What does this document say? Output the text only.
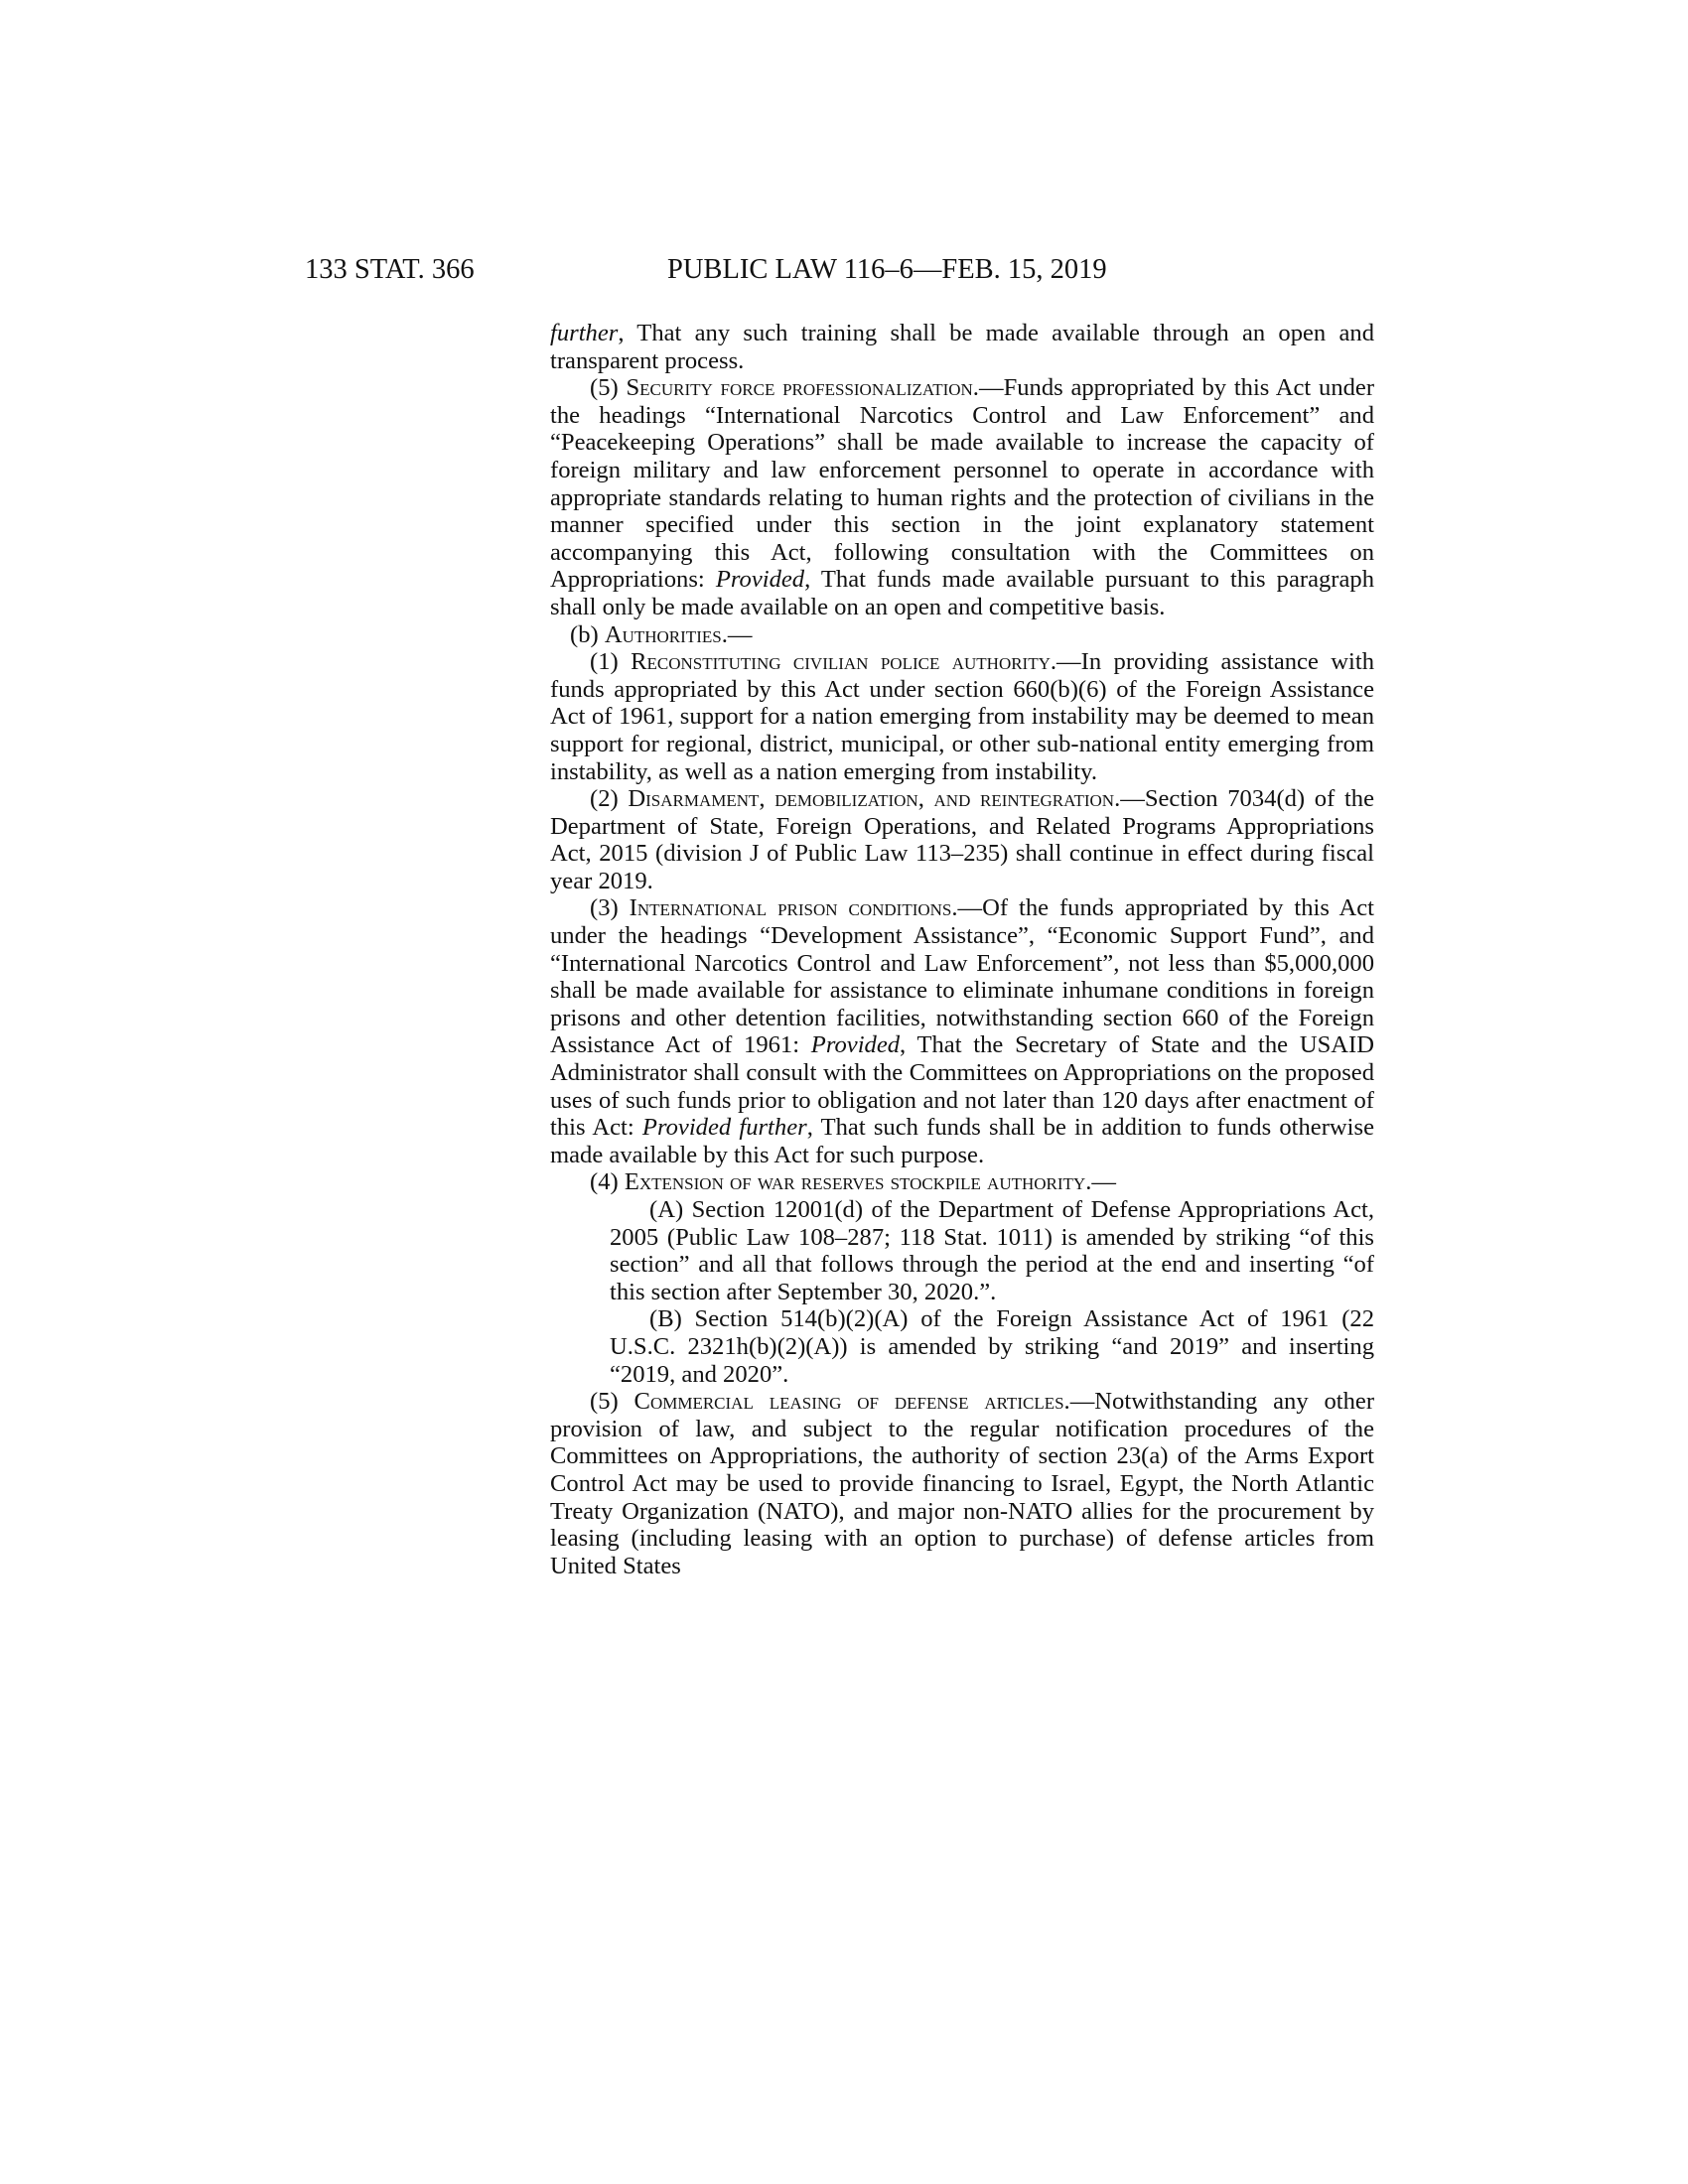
133 STAT. 366	PUBLIC LAW 116–6—FEB. 15, 2019

further, That any such training shall be made available through an open and transparent process.

(5) Security force professionalization.—Funds appropriated by this Act under the headings “International Narcotics Control and Law Enforcement” and “Peacekeeping Operations” shall be made available to increase the capacity of foreign military and law enforcement personnel to operate in accordance with appropriate standards relating to human rights and the protection of civilians in the manner specified under this section in the joint explanatory statement accompanying this Act, following consultation with the Committees on Appropriations: Provided, That funds made available pursuant to this paragraph shall only be made available on an open and competitive basis.

(b) Authorities.—

(1) Reconstituting civilian police authority.—In providing assistance with funds appropriated by this Act under section 660(b)(6) of the Foreign Assistance Act of 1961, support for a nation emerging from instability may be deemed to mean support for regional, district, municipal, or other sub-national entity emerging from instability, as well as a nation emerging from instability.

(2) Disarmament, demobilization, and reintegration.—Section 7034(d) of the Department of State, Foreign Operations, and Related Programs Appropriations Act, 2015 (division J of Public Law 113–235) shall continue in effect during fiscal year 2019.

(3) International prison conditions.—Of the funds appropriated by this Act under the headings “Development Assistance”, “Economic Support Fund”, and “International Narcotics Control and Law Enforcement”, not less than $5,000,000 shall be made available for assistance to eliminate inhumane conditions in foreign prisons and other detention facilities, notwithstanding section 660 of the Foreign Assistance Act of 1961: Provided, That the Secretary of State and the USAID Administrator shall consult with the Committees on Appropriations on the proposed uses of such funds prior to obligation and not later than 120 days after enactment of this Act: Provided further, That such funds shall be in addition to funds otherwise made available by this Act for such purpose.

(4) Extension of war reserves stockpile authority.—

(A) Section 12001(d) of the Department of Defense Appropriations Act, 2005 (Public Law 108–287; 118 Stat. 1011) is amended by striking “of this section” and all that follows through the period at the end and inserting “of this section after September 30, 2020.”.

(B) Section 514(b)(2)(A) of the Foreign Assistance Act of 1961 (22 U.S.C. 2321h(b)(2)(A)) is amended by striking “and 2019” and inserting “2019, and 2020”.

(5) Commercial leasing of defense articles.—Notwithstanding any other provision of law, and subject to the regular notification procedures of the Committees on Appropriations, the authority of section 23(a) of the Arms Export Control Act may be used to provide financing to Israel, Egypt, the North Atlantic Treaty Organization (NATO), and major non-NATO allies for the procurement by leasing (including leasing with an option to purchase) of defense articles from United States
